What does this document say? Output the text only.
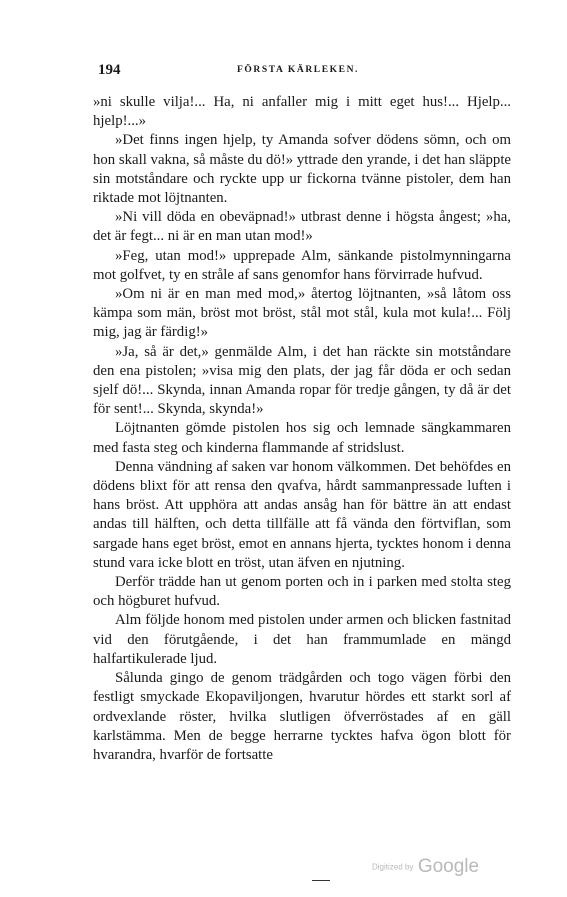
194	FÖRSTA KÄRLEKEN.

»ni skulle vilja!... Ha, ni anfaller mig i mitt eget hus!... Hjelp... hjelp!...»

»Det finns ingen hjelp, ty Amanda sofver dödens sömn, och om hon skall vakna, så måste du dö!» yttrade den yrande, i det han släppte sin motståndare och ryckte upp ur fickorna tvänne pistoler, dem han riktade mot löjtnanten.

»Ni vill döda en obeväpnad!» utbrast denne i högsta ångest; »ha, det är fegt... ni är en man utan mod!»

»Feg, utan mod!» upprepade Alm, sänkande pistolmynningarna mot golfvet, ty en stråle af sans genomfor hans förvirrade hufvud.

»Om ni är en man med mod,» återtog löjtnanten, »så låtom oss kämpa som män, bröst mot bröst, stål mot stål, kula mot kula!... Följ mig, jag är färdig!»

»Ja, så är det,» genmälde Alm, i det han räckte sin motståndare den ena pistolen; »visa mig den plats, der jag får döda er och sedan sjelf dö!... Skynda, innan Amanda ropar för tredje gången, ty då är det för sent!... Skynda, skynda!»

Löjtnanten gömde pistolen hos sig och lemnade sängkammaren med fasta steg och kinderna flammande af stridslust.

Denna vändning af saken var honom välkommen. Det behöfdes en dödens blixt för att rensa den qvafva, hårdt sammanpressade luften i hans bröst. Att upphöra att andas ansåg han för bättre än att endast andas till hälften, och detta tillfälle att få vända den förtviflan, som sargade hans eget bröst, emot en annans hjerta, tycktes honom i denna stund vara icke blott en tröst, utan äfven en njutning.

Derför trädde han ut genom porten och in i parken med stolta steg och högburet hufvud.

Alm följde honom med pistolen under armen och blicken fastnitad vid den förutgående, i det han frammumlade en mängd halfartikulerade ljud.

Sålunda gingo de genom trädgården och togo vägen förbi den festligt smyckade Ekopaviljongen, hvarutur hördes ett starkt sorl af ordvexlande röster, hvilka slutligen öfverröstades af en gäll karlstämma. Men de begge herrarne tycktes hafva ögon blott för hvarandra, hvarför de fortsatte

Digitized by Google
